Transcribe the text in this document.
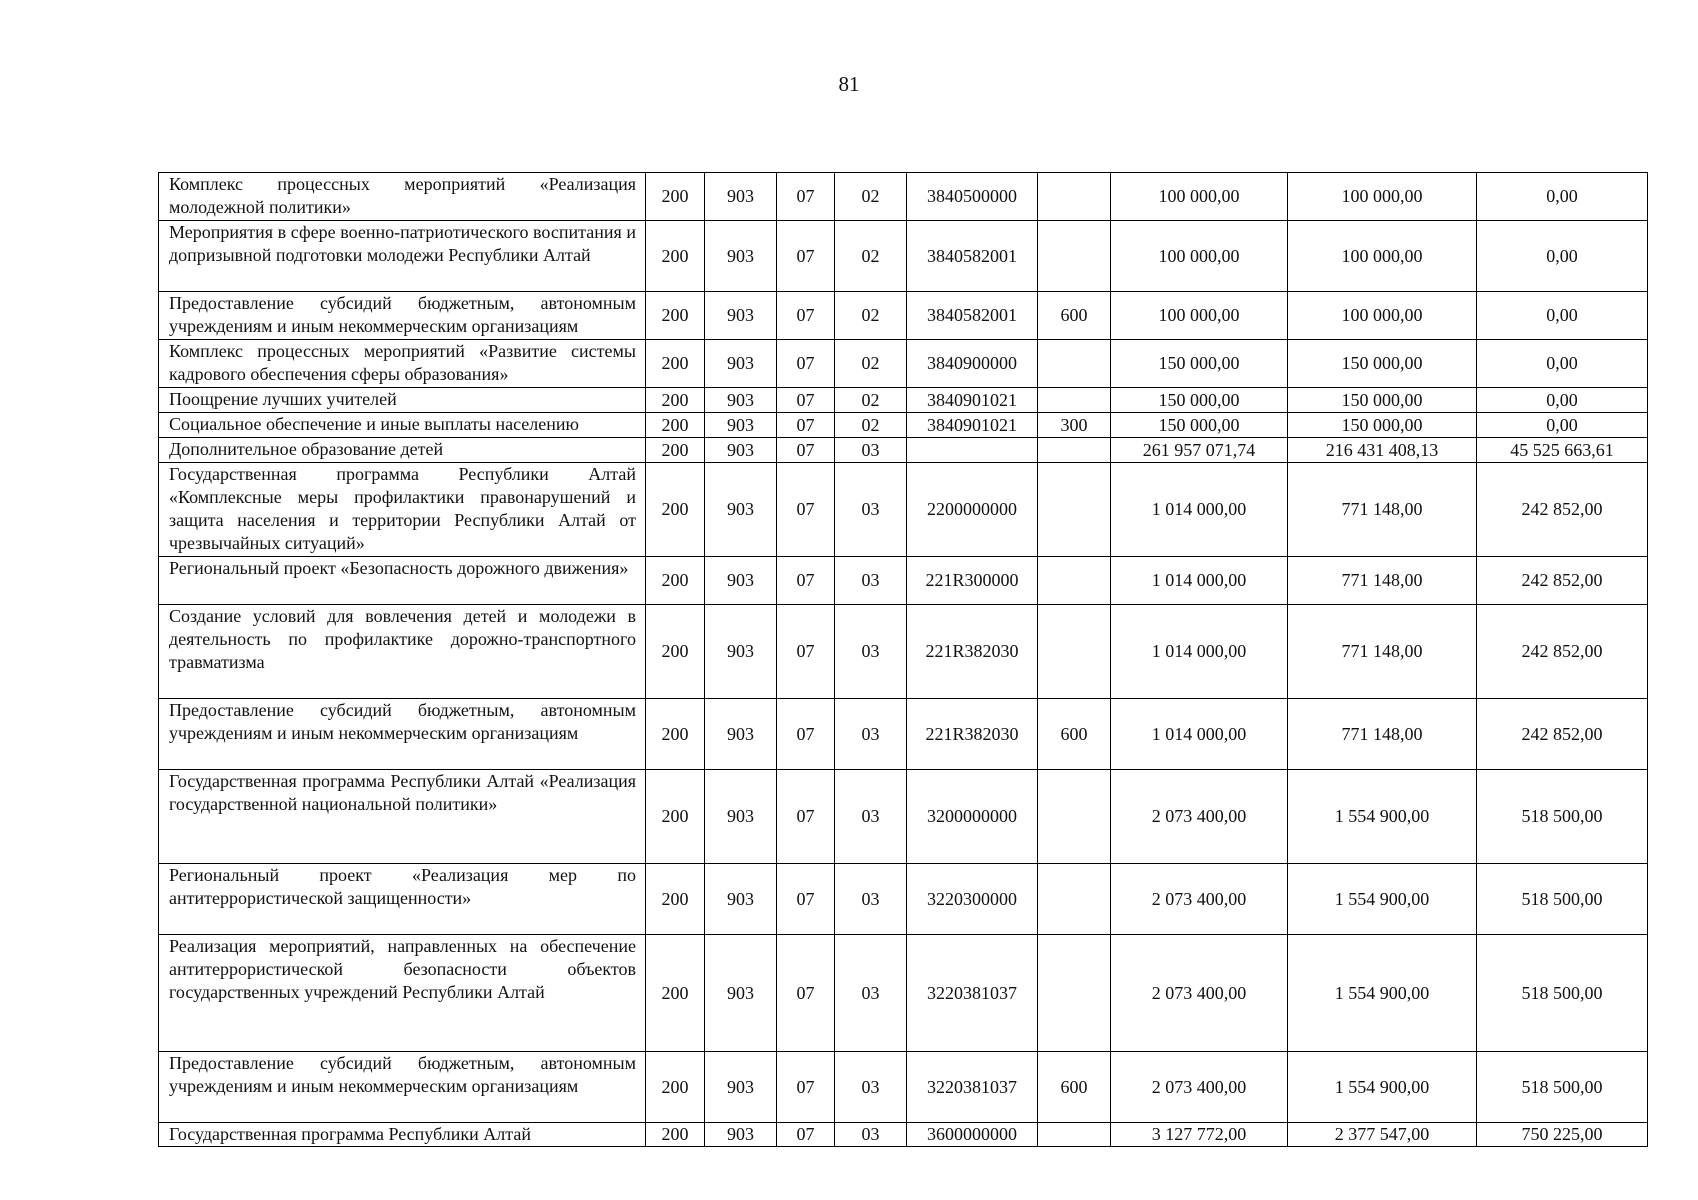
81
Комплекс процессных мероприятий «Реализация молодежной политики»	200	903	07	02	3840500000		100 000,00	100 000,00	0,00
Мероприятия в сфере военно-патриотического воспитания и допризывной подготовки молодежи Республики Алтай	200	903	07	02	3840582001		100 000,00	100 000,00	0,00
Предоставление субсидий бюджетным, автономным учреждениям и иным некоммерческим организациям	200	903	07	02	3840582001	600	100 000,00	100 000,00	0,00
Комплекс процессных мероприятий «Развитие системы кадрового обеспечения сферы образования»	200	903	07	02	3840900000		150 000,00	150 000,00	0,00
Поощрение лучших учителей	200	903	07	02	3840901021		150 000,00	150 000,00	0,00
Социальное обеспечение и иные выплаты населению	200	903	07	02	3840901021	300	150 000,00	150 000,00	0,00
Дополнительное образование детей	200	903	07	03			261 957 071,74	216 431 408,13	45 525 663,61
Государственная программа Республики Алтай «Комплексные меры профилактики правонарушений и защита населения и территории Республики Алтай от чрезвычайных ситуаций»	200	903	07	03	2200000000		1 014 000,00	771 148,00	242 852,00
Региональный проект «Безопасность дорожного движения»	200	903	07	03	221R300000		1 014 000,00	771 148,00	242 852,00
Создание условий для вовлечения детей и молодежи в деятельность по профилактике дорожно-транспортного травматизма	200	903	07	03	221R382030		1 014 000,00	771 148,00	242 852,00
Предоставление субсидий бюджетным, автономным учреждениям и иным некоммерческим организациям	200	903	07	03	221R382030	600	1 014 000,00	771 148,00	242 852,00
Государственная программа Республики Алтай «Реализация государственной национальной политики»	200	903	07	03	3200000000		2 073 400,00	1 554 900,00	518 500,00
Региональный проект «Реализация мер по антитеррористической защищенности»	200	903	07	03	3220300000		2 073 400,00	1 554 900,00	518 500,00
Реализация мероприятий, направленных на обеспечение антитеррористической безопасности объектов государственных учреждений Республики Алтай	200	903	07	03	3220381037		2 073 400,00	1 554 900,00	518 500,00
Предоставление субсидий бюджетным, автономным учреждениям и иным некоммерческим организациям	200	903	07	03	3220381037	600	2 073 400,00	1 554 900,00	518 500,00
Государственная программа Республики Алтай	200	903	07	03	3600000000		3 127 772,00	2 377 547,00	750 225,00
